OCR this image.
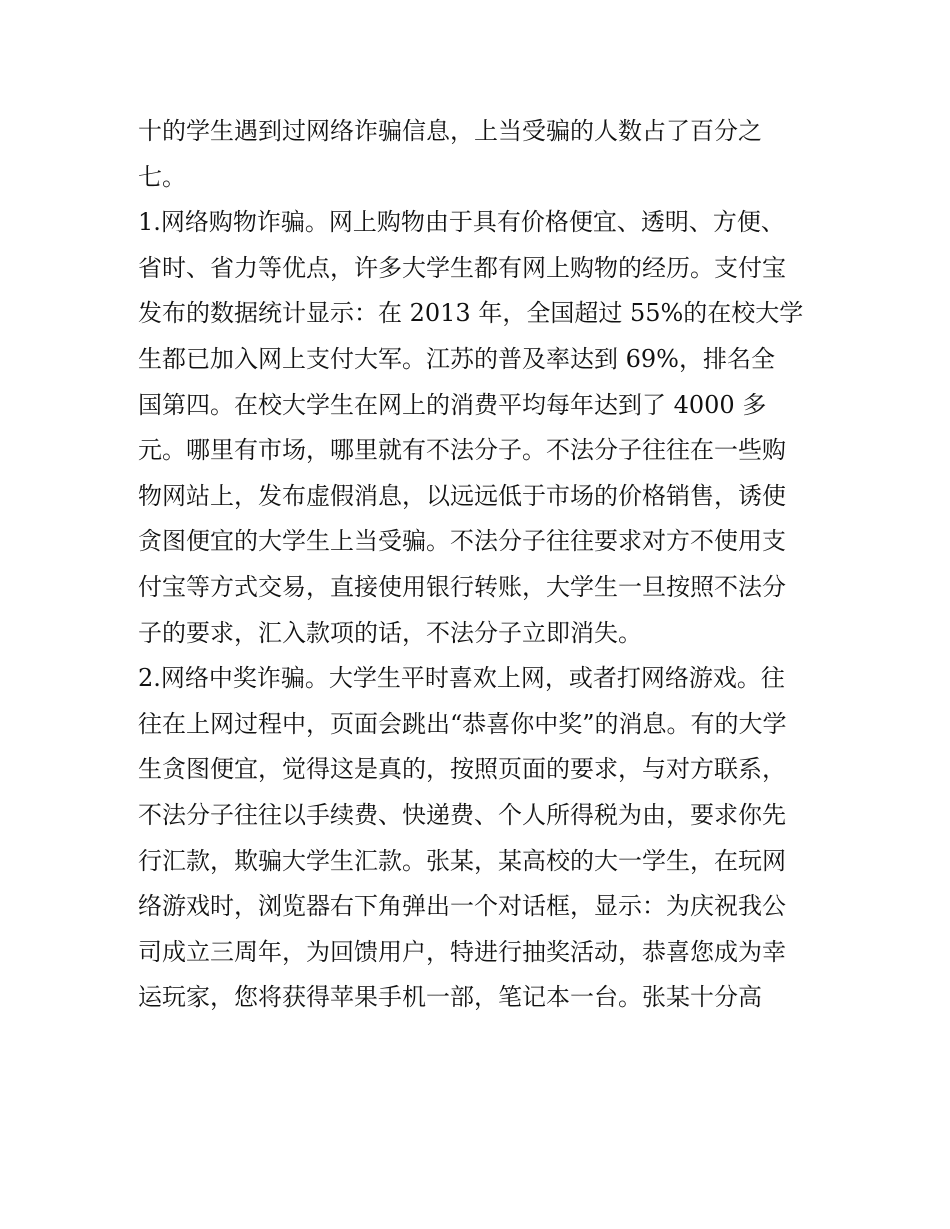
十的学生遇到过网络诈骗信息，上当受骗的人数占了百分之
七。
1.网络购物诈骗。网上购物由于具有价格便宜、透明、方便、
省时、省力等优点，许多大学生都有网上购物的经历。支付宝
发布的数据统计显示：在 2013 年，全国超过 55%的在校大学
生都已加入网上支付大军。江苏的普及率达到 69%，排名全
国第四。在校大学生在网上的消费平均每年达到了 4000 多
元。哪里有市场，哪里就有不法分子。不法分子往往在一些购
物网站上，发布虚假消息，以远远低于市场的价格销售，诱使
贪图便宜的大学生上当受骗。不法分子往往要求对方不使用支
付宝等方式交易，直接使用银行转账，大学生一旦按照不法分
子的要求，汇入款项的话，不法分子立即消失。
2.网络中奖诈骗。大学生平时喜欢上网，或者打网络游戏。往
往在上网过程中，页面会跳出“恭喜你中奖”的消息。有的大学
生贪图便宜，觉得这是真的，按照页面的要求，与对方联系，
不法分子往往以手续费、快递费、个人所得税为由，要求你先
行汇款，欺骗大学生汇款。张某，某高校的大一学生，在玩网
络游戏时，浏览器右下角弹出一个对话框，显示：为庆祝我公
司成立三周年，为回馈用户，特进行抽奖活动，恭喜您成为幸
运玩家，您将获得苹果手机一部，笔记本一台。张某十分高
